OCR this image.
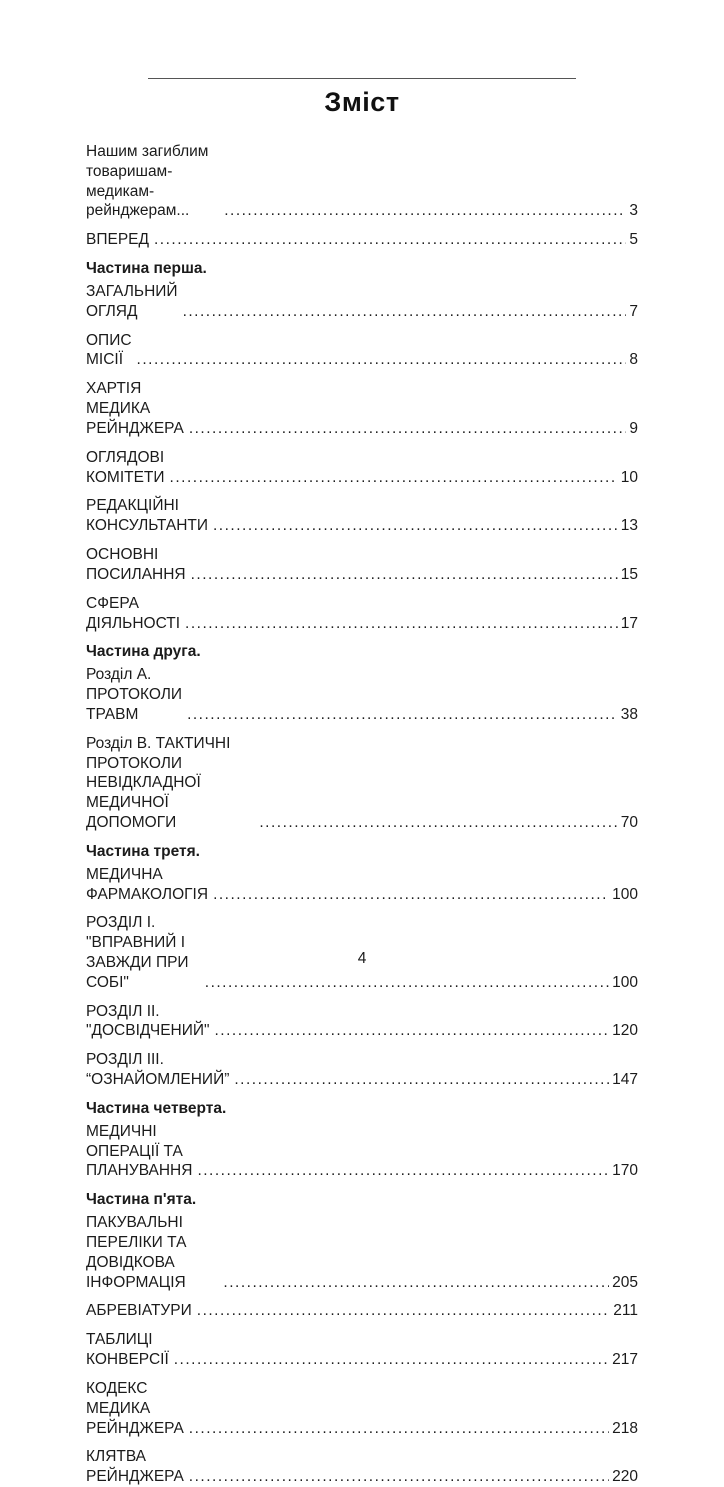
Зміст
Нашим загиблим товаришам-медикам-рейнджерам... .....	3
ВПЕРЕД .....	5
Частина перша.
ЗАГАЛЬНИЙ ОГЛЯД .....	7
ОПИС МІСІЇ .....	8
ХАРТІЯ МЕДИКА РЕЙНДЖЕРА .....	9
ОГЛЯДОВІ КОМІТЕТИ .....	10
РЕДАКЦІЙНІ КОНСУЛЬТАНТИ .....	13
ОСНОВНІ ПОСИЛАННЯ .....	15
СФЕРА ДІЯЛЬНОСТІ .....	17
Частина друга.
Розділ А. ПРОТОКОЛИ ТРАВМ .....	38
Розділ В. ТАКТИЧНІ ПРОТОКОЛИ НЕВІДКЛАДНОЇ МЕДИЧНОЇ ДОПОМОГИ .....	70
Частина третя.
МЕДИЧНА ФАРМАКОЛОГІЯ .....	100
РОЗДІЛ І. "ВПРАВНИЙ І ЗАВЖДИ ПРИ СОБІ" .....	100
РОЗДІЛ ІІ. "ДОСВІДЧЕНИЙ" .....	120
РОЗДІЛ ІІІ. “ОЗНАЙОМЛЕНИЙ” .....	147
Частина четверта.
МЕДИЧНІ ОПЕРАЦІЇ ТА ПЛАНУВАННЯ .....	170
Частина п'ята.
ПАКУВАЛЬНІ ПЕРЕЛІКИ ТА ДОВІДКОВА ІНФОРМАЦІЯ .....	205
АБРЕВІАТУРИ .....	211
ТАБЛИЦІ КОНВЕРСІЇ .....	217
КОДЕКС МЕДИКА РЕЙНДЖЕРА .....	218
КЛЯТВА РЕЙНДЖЕРА .....	220
4
